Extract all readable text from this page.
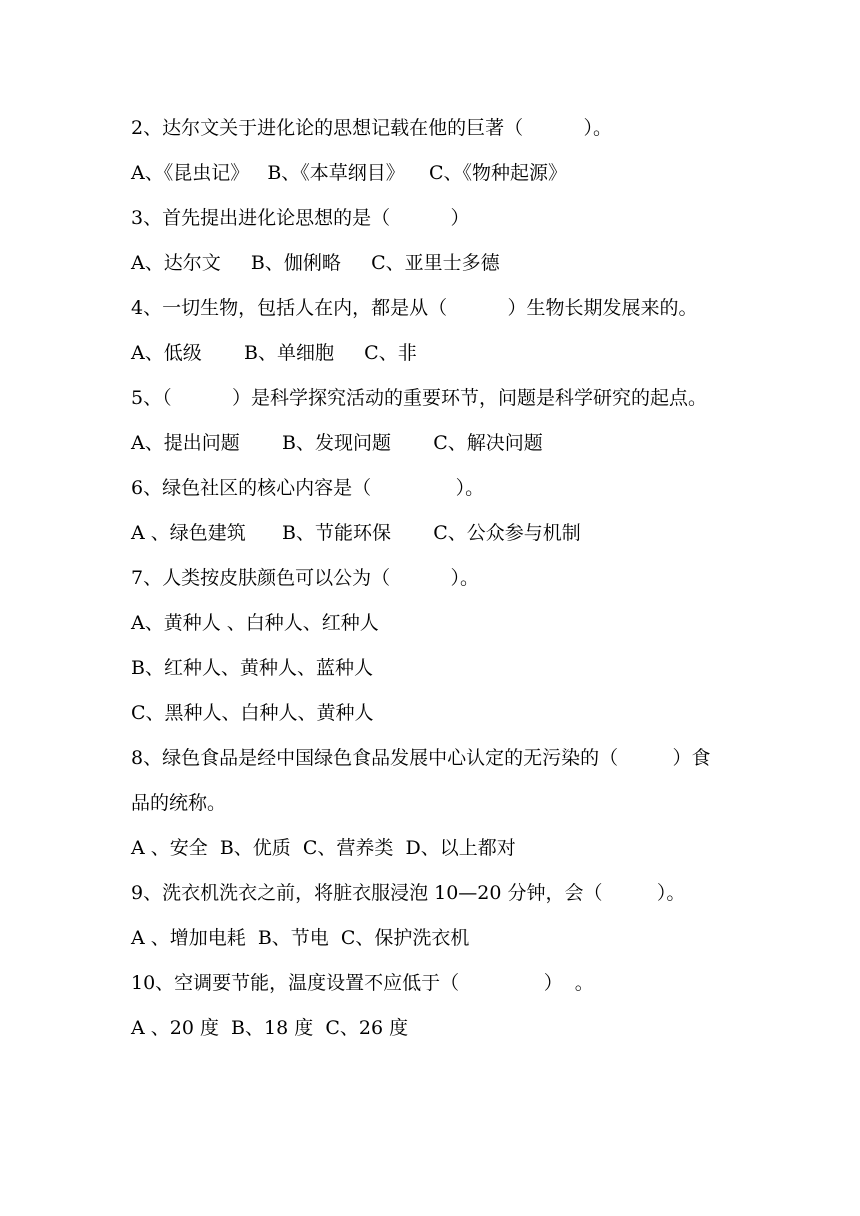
2、达尔文关于进化论的思想记载在他的巨著（          ）。
A、《昆虫记》   B、《本草纲目》    C、《物种起源》
3、首先提出进化论思想的是（          ）
A、达尔文     B、伽俐略     C、亚里士多德
4、一切生物，包括人在内，都是从（          ）生物长期发展来的。
A、低级       B、单细胞     C、非
5、（          ）是科学探究活动的重要环节，问题是科学研究的起点。
A、提出问题       B、发现问题       C、解决问题
6、绿色社区的核心内容是（              ）。
A 、绿色建筑      B、节能环保       C、公众参与机制
7、人类按皮肤颜色可以公为（          ）。
A、黄种人 、白种人、红种人
B、红种人、黄种人、蓝种人
C、黑种人、白种人、黄种人
8、绿色食品是经中国绿色食品发展中心认定的无污染的（         ）食
品的统称。
A 、安全  B、优质  C、营养类  D、以上都对
9、洗衣机洗衣之前，将脏衣服浸泡 10—20 分钟，会（         ）。
A 、增加电耗  B、节电  C、保护洗衣机
10、空调要节能，温度设置不应低于（              ）  。
A 、20 度  B、18 度  C、26 度
